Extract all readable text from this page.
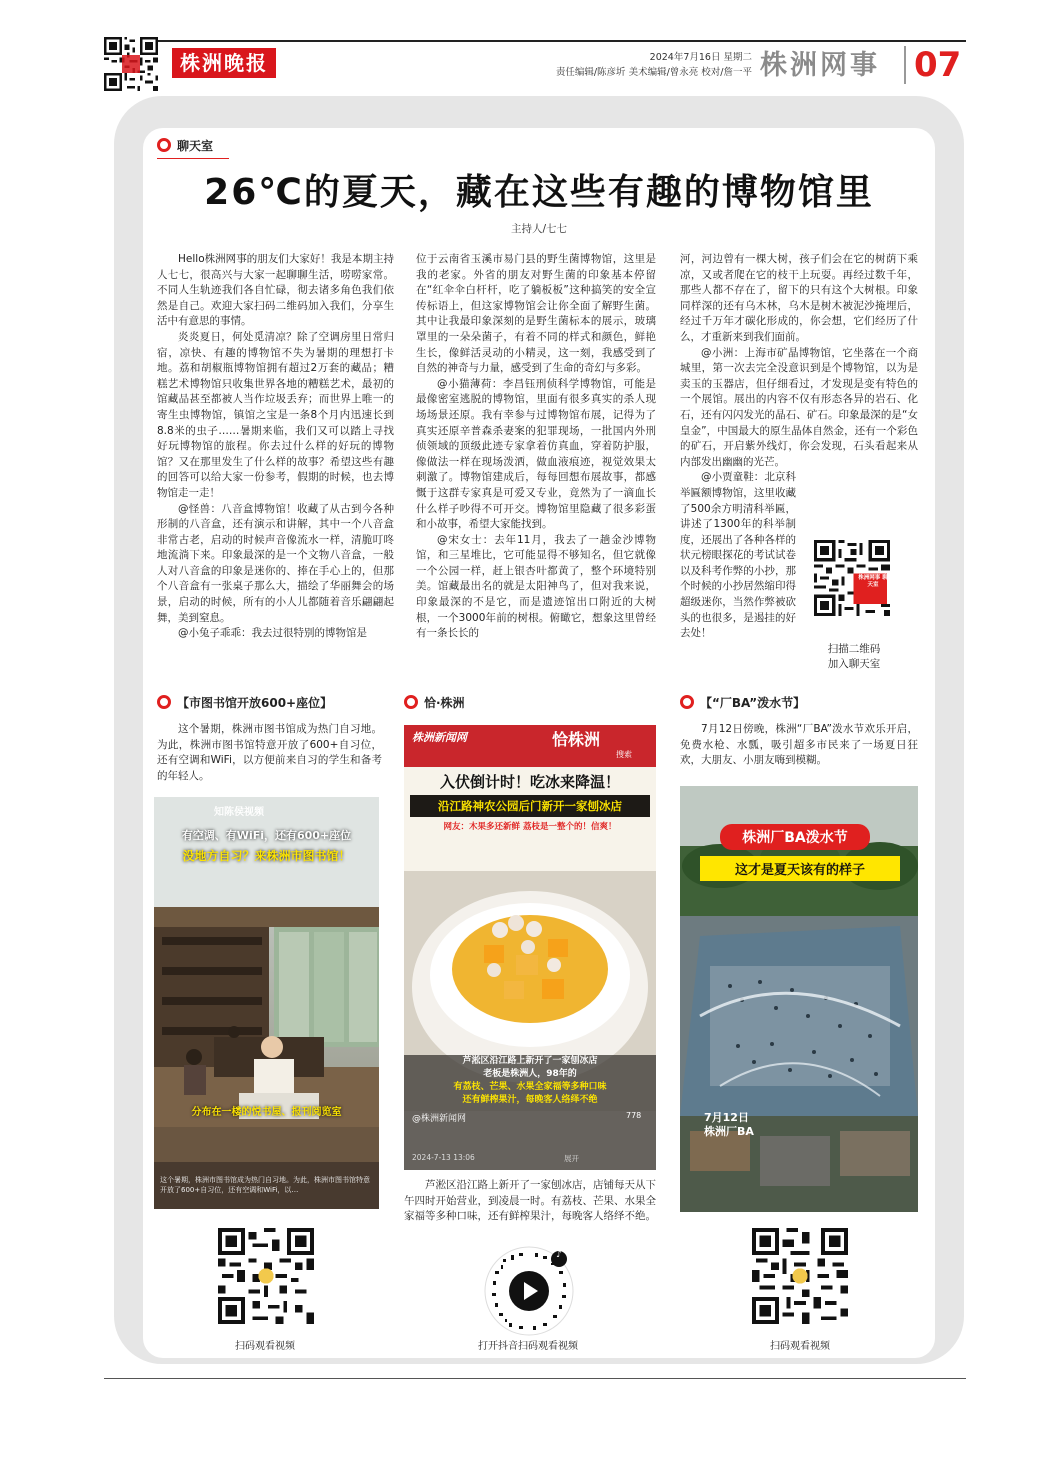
株洲晚报	2024年7月16日 星期二
责任编辑/陈彦圻 美术编辑/曾永亮 校对/詹一平 株洲网事 07
聊天室
26℃的夏天，藏在这些有趣的博物馆里
主持人/七七

Hello株洲网事的朋友们大家好！我是本期主持人七七，很高兴与大家一起聊聊生活，唠唠家常。不同人生轨迹我们各自忙碌，彻去诸多角色我们依然是自己。欢迎大家扫码二维码加入我们，分享生活中有意思的事情。

炎炎夏日，何处觅清凉？除了空调房里日常归宿，凉快、有趣的博物馆不失为暑期的理想打卡地。荔和胡椒瓶博物馆拥有超过2万套的藏品；糟糕艺术博物馆只收集世界各地的糟糕艺术，最初的馆藏品甚至都被人当作垃圾丢弃；而世界上唯一的寄生虫博物馆，镇馆之宝是一条8个月内迅速长到8.8米的虫子……暑期来临，我们又可以踏上寻找好玩博物馆的旅程。你去过什么样的好玩的博物馆？又在那里发生了什么样的故事？希望这些有趣的回答可以给大家一份参考，假期的时候，也去博物馆走一走！

@怪兽：八音盒博物馆！收藏了从古到今各种形制的八音盒，还有演示和讲解，其中一个八音盒非常古老，启动的时候声音像流水一样，清脆叮咚地流淌下来。印象最深的是一个文物八音盒，一般人对八音盒的印象是迷你的、捧在手心上的，但那个八音盒有一张桌子那么大，描绘了华丽舞会的场景，启动的时候，所有的小人儿都随着音乐翩翩起舞，美到窒息。

@小兔子乖乖：我去过很特别的博物馆是

位于云南省玉溪市易门县的野生菌博物馆，这里是我的老家。外省的朋友对野生菌的印象基本停留在“红伞伞白杆杆，吃了躺板板”这种搞笑的安全宣传标语上，但这家博物馆会让你全面了解野生菌。其中让我最印象深刻的是野生菌标本的展示，玻璃罩里的一朵朵菌子，有着不同的样式和颜色，鲜艳生长，像鲜活灵动的小精灵，这一刻，我感受到了自然的神奇与力量，感受到了生命的奇幻与多彩。

@小猫薄荷：李昌钰刑侦科学博物馆，可能是最像密室逃脱的博物馆，里面有很多真实的杀人现场场景还原。我有幸参与过博物馆布展，记得为了真实还原辛普森杀妻案的犯罪现场，一批国内外刑侦领域的顶级此迹专家拿着仿真血，穿着防护服，像做法一样在现场泼洒，做血液痕迹，视觉效果太刺激了。博物馆建成后，每每回想布展故事，都感慨于这群专家真是可爱又专业，竟然为了一滴血长什么样子吵得不可开交。博物馆里隐藏了很多彩蛋和小故事，希望大家能找到。

@宋女士：去年11月，我去了一趟金沙博物馆，和三星堆比，它可能显得不够知名，但它就像一个公园一样，赶上银杏叶都黄了，整个环境特别美。馆藏最出名的就是太阳神鸟了，但对我来说，印象最深的不是它，而是遗迹馆出口附近的大树根，一个3000年前的树根。俯瞰它，想象这里曾经有一条长长的

河，河边曾有一棵大树，孩子们会在它的树荫下乘凉，又或者爬在它的枝干上玩耍。再经过数千年，那些人都不存在了，留下的只有这个大树根。印象同样深的还有乌木林，乌木是树木被泥沙掩埋后，经过千万年才碳化形成的，你会想，它们经历了什么，才重新来到我们面前。

@小洲：上海市矿晶博物馆，它坐落在一个商城里，第一次去完全没意识到是个博物馆，以为是卖玉的玉器店，但仔细看过，才发现是变有特色的一个展馆。展出的内容不仅有形态各异的岩石、化石，还有闪闪发光的晶石、矿石。印象最深的是“女皇金”，中国最大的原生晶体自然金，还有一个彩色的矿石，开启紫外线灯，你会发现，石头看起来从内部发出幽幽的光芒。

@小贾童鞋：北京科举匾额博物馆，这里收藏了500余方明清科举匾，讲述了1300年的科举制度，还展出了各种各样的状元榜眼探花的考试试卷以及科考作弊的小抄，那个时候的小抄居然缩印得超级迷你，当然作弊被砍头的也很多，是遏挂的好去处！

株洲网事 聊天室
扫描二维码
加入聊天室
【市图书馆开放600+座位】

这个暑期，株洲市图书馆成为热门自习地。为此，株洲市图书馆特意开放了600+自习位，还有空调和WiFi，以方便前来自习的学生和备考的年轻人。

知陈侯视频
有空调、有WiFi，还有600+座位
没地方自习？来株洲市图书馆！
分布在一楼的悦书屋、报刊阅览室
这个暑期，株洲市图书馆成为热门自习地。为此，株洲市图书馆特意开放了600+自习位，还有空调和WiFi，以…
扫码观看视频
恰·株洲
株洲新闻网	恰株洲
搜索
入伏倒计时！吃冰来降温！
沿江路神农公园后门新开一家刨冰店
网友：木果多还新鲜 荔枝是一整个的！信爽！
芦淞区沿江路上新开了一家刨冰店
老板是株洲人，98年的
有荔枝、芒果、水果全家福等多种口味
还有鲜榨果汁，每晚客人络绎不绝
@株洲新闻网	778
2024-7-13 13:06	展开

芦淞区沿江路上新开了一家刨冰店，店铺每天从下午四时开始营业，到凌晨一时。有荔枝、芒果、水果全家福等多种口味，还有鲜榨果汁，每晚客人络绎不绝。

♪
打开抖音扫码观看视频
【“厂BA”泼水节】

7月12日傍晚，株洲“厂BA”泼水节欢乐开启，免费水枪、水瓢，吸引超多市民来了一场夏日狂欢，大朋友、小朋友嗨到模糊。

株洲厂BA泼水节
这才是夏天该有的样子
7月12日
株洲厂BA
扫码观看视频
